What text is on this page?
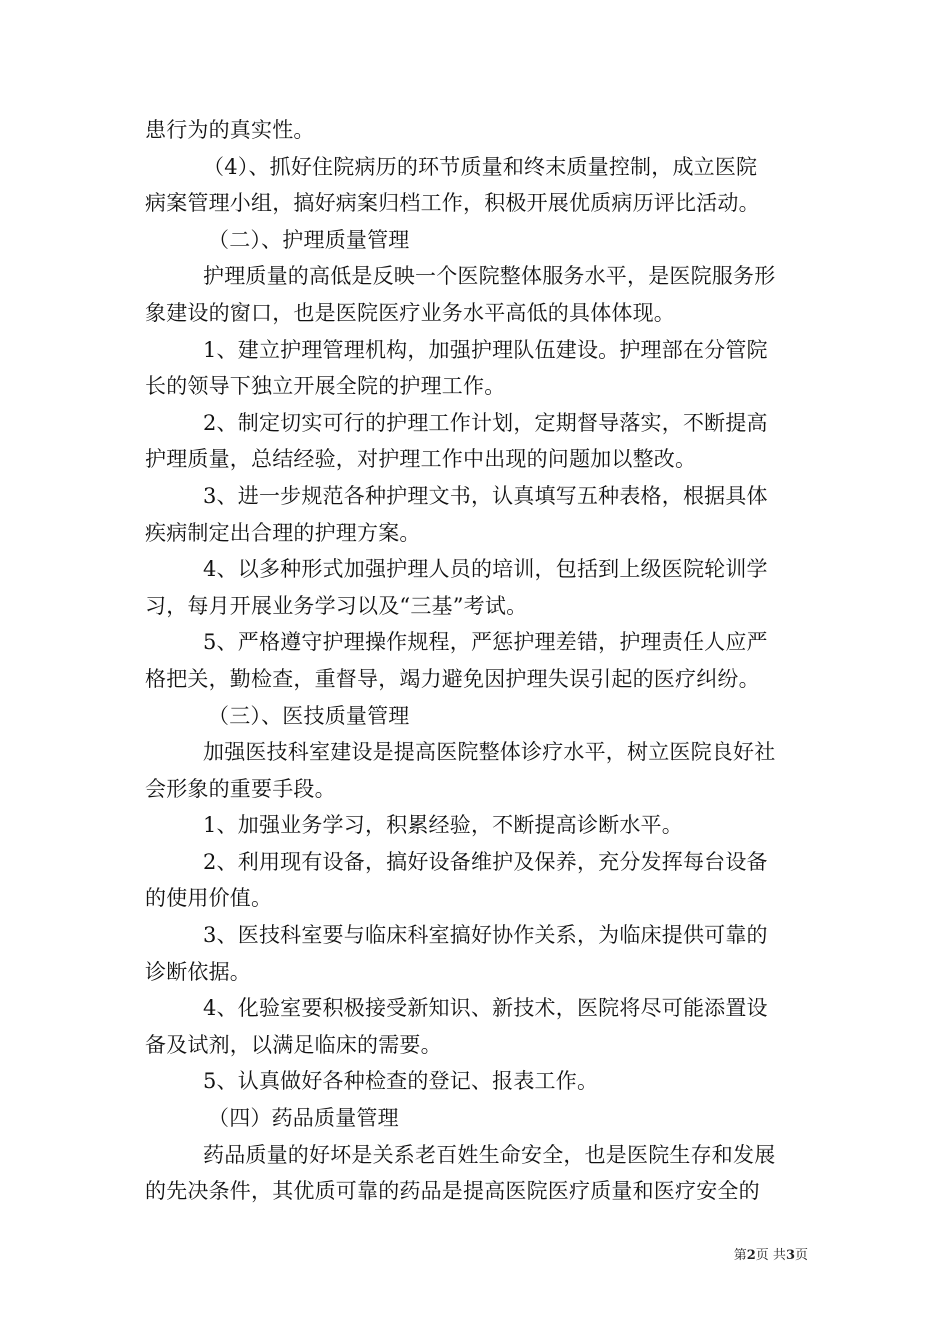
患行为的真实性。
（4）、抓好住院病历的环节质量和终末质量控制，成立医院
病案管理小组，搞好病案归档工作，积极开展优质病历评比活动。
（二）、护理质量管理
护理质量的高低是反映一个医院整体服务水平，是医院服务形
象建设的窗口，也是医院医疗业务水平高低的具体体现。
1、建立护理管理机构，加强护理队伍建设。护理部在分管院
长的领导下独立开展全院的护理工作。
2、制定切实可行的护理工作计划，定期督导落实，不断提高
护理质量，总结经验，对护理工作中出现的问题加以整改。
3、进一步规范各种护理文书，认真填写五种表格，根据具体
疾病制定出合理的护理方案。
4、以多种形式加强护理人员的培训，包括到上级医院轮训学
习，每月开展业务学习以及“三基”考试。
5、严格遵守护理操作规程，严惩护理差错，护理责任人应严
格把关，勤检查，重督导，竭力避免因护理失误引起的医疗纠纷。
（三）、医技质量管理
加强医技科室建设是提高医院整体诊疗水平，树立医院良好社
会形象的重要手段。
1、加强业务学习，积累经验，不断提高诊断水平。
2、利用现有设备，搞好设备维护及保养，充分发挥每台设备
的使用价值。
3、医技科室要与临床科室搞好协作关系，为临床提供可靠的
诊断依据。
4、化验室要积极接受新知识、新技术，医院将尽可能添置设
备及试剂，以满足临床的需要。
5、认真做好各种检查的登记、报表工作。
（四）药品质量管理
药品质量的好坏是关系老百姓生命安全，也是医院生存和发展
的先决条件，其优质可靠的药品是提高医院医疗质量和医疗安全的
第2页 共3页
